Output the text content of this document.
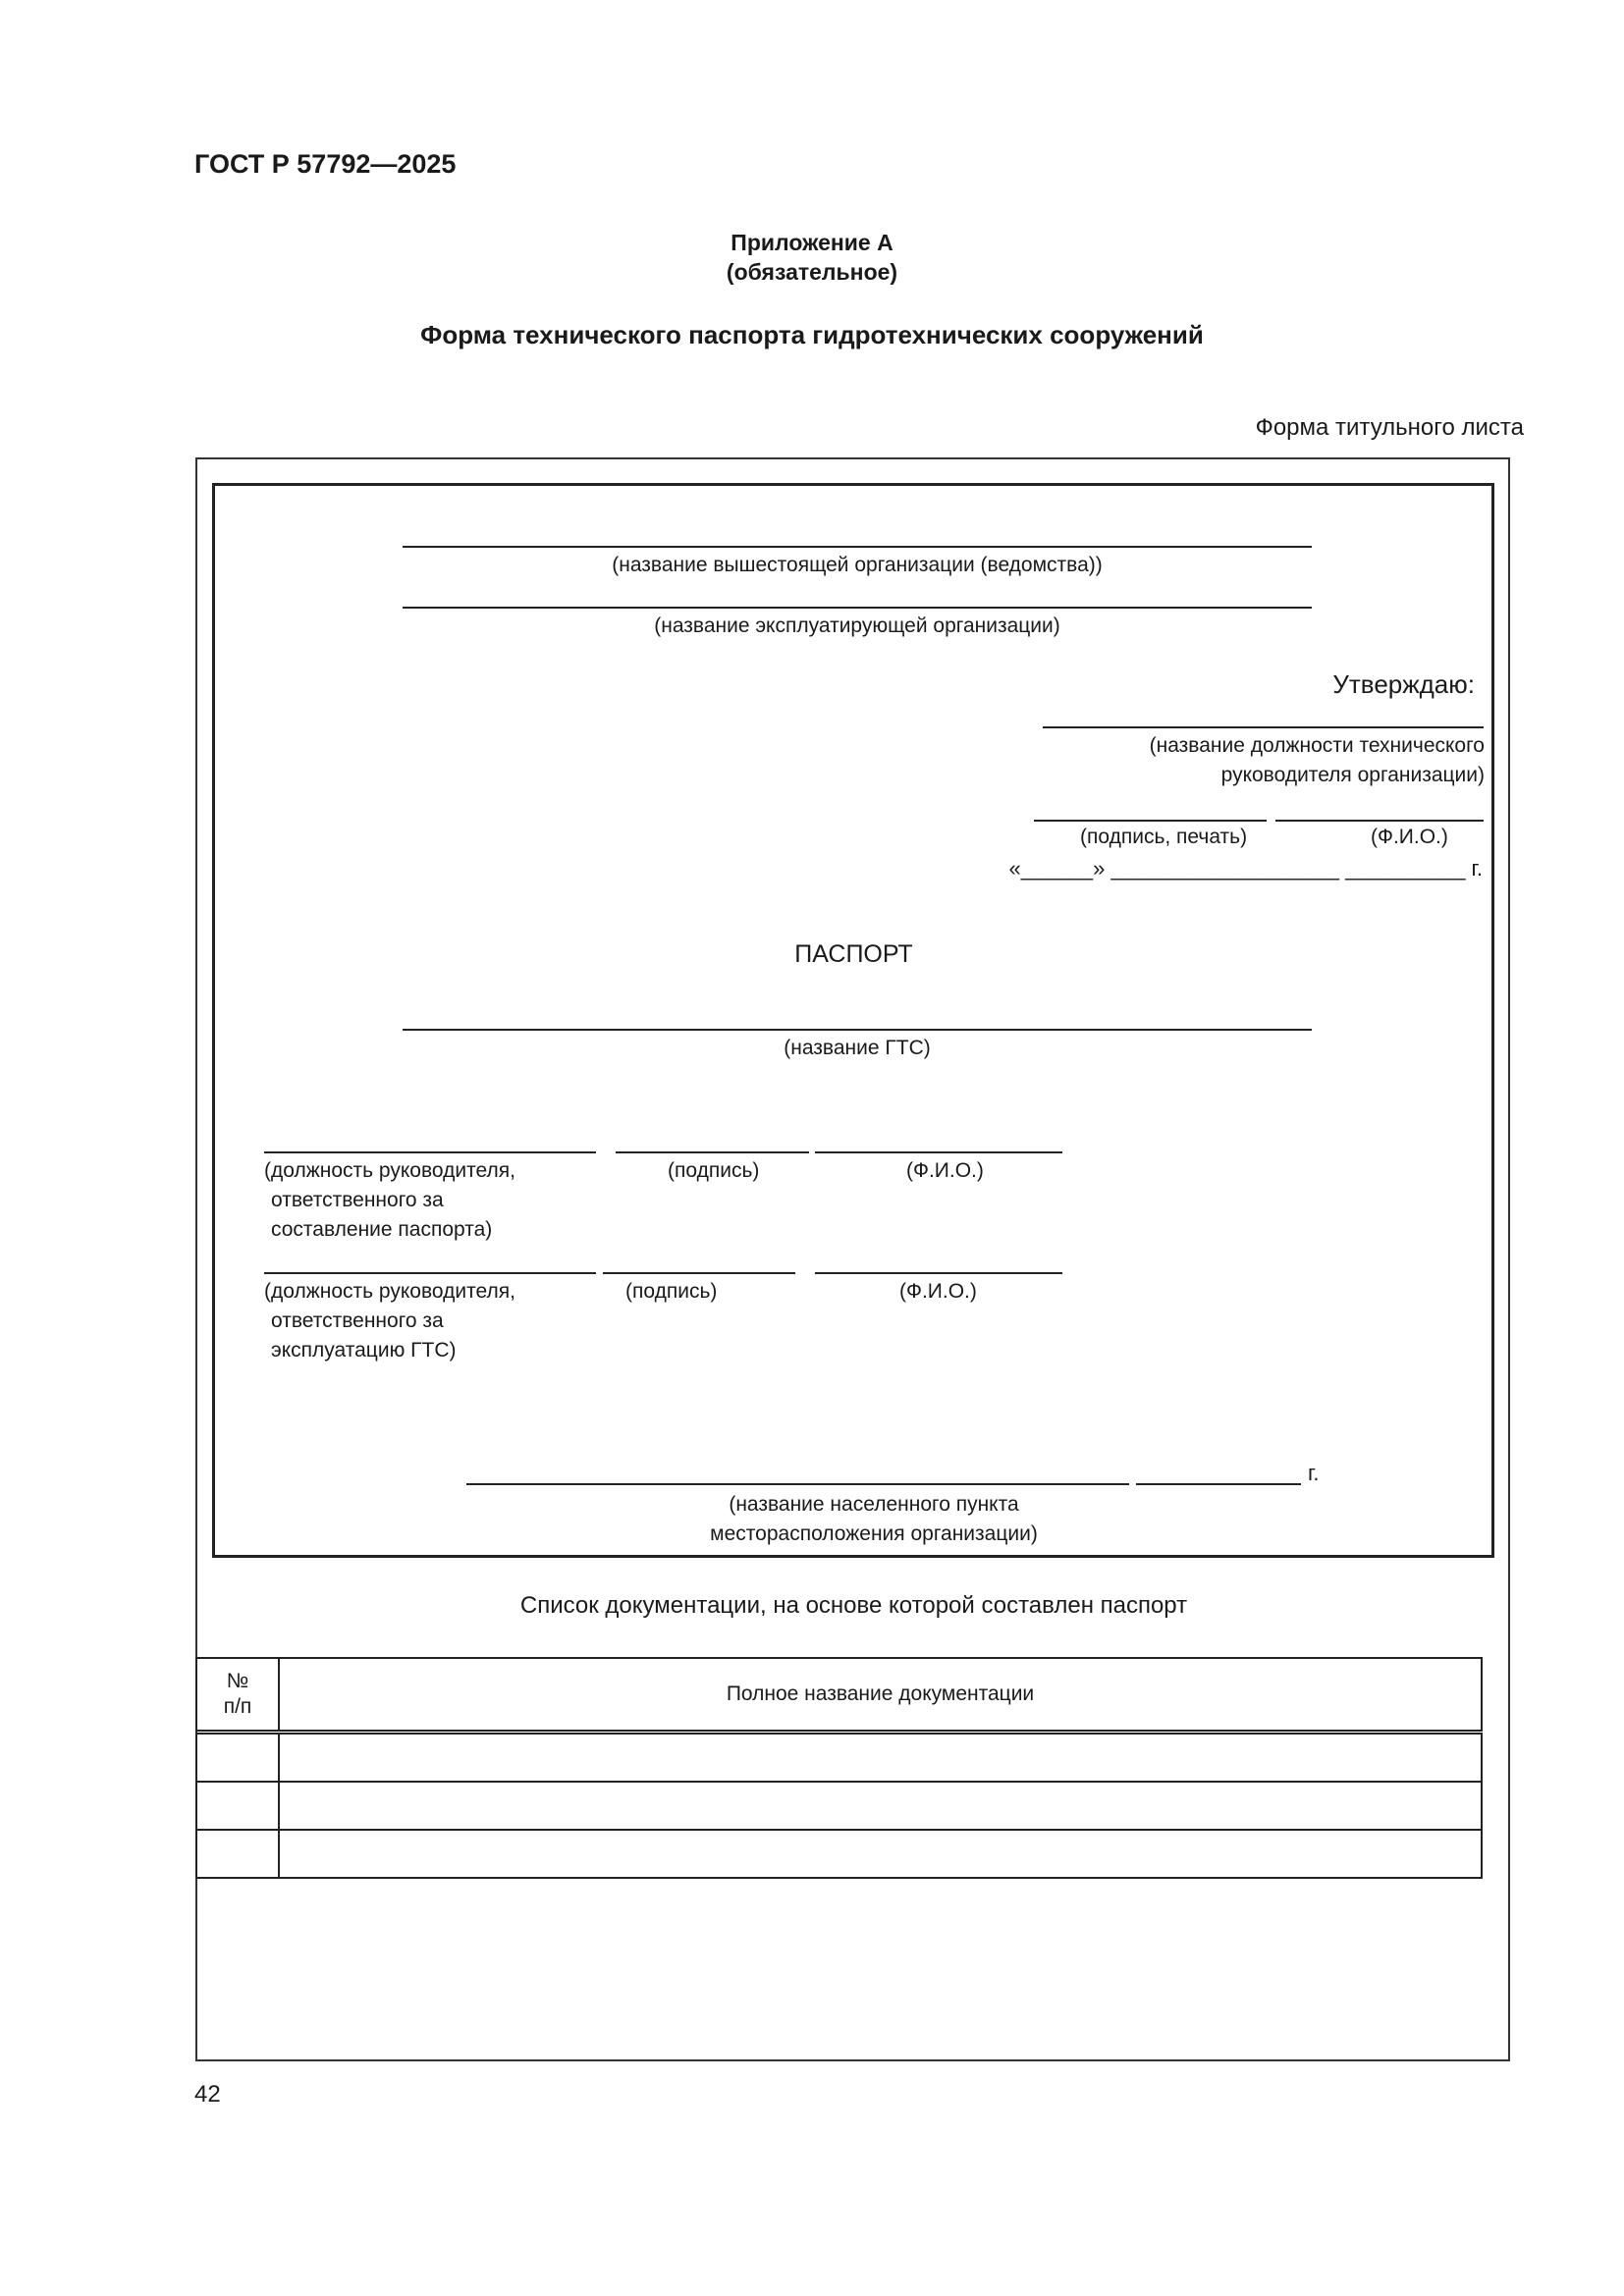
ГОСТ Р 57792—2025
Приложение А
(обязательное)
Форма технического паспорта гидротехнических сооружений
Форма титульного листа
(название вышестоящей организации (ведомства))
(название эксплуатирующей организации)
Утверждаю:
(название должности технического
руководителя организации)
(подпись, печать)	(Ф.И.О.)
«______» ___________________ __________ г.
ПАСПОРТ
(название ГТС)
(должность руководителя,
ответственного за
составление паспорта)
(подпись)	(Ф.И.О.)
(должность руководителя,
ответственного за
эксплуатацию ГТС)
(подпись)	(Ф.И.О.)
г.
(название населенного пункта
месторасположения организации)
Список документации, на основе которой составлен паспорт
№
п/п	Полное название документации

42
